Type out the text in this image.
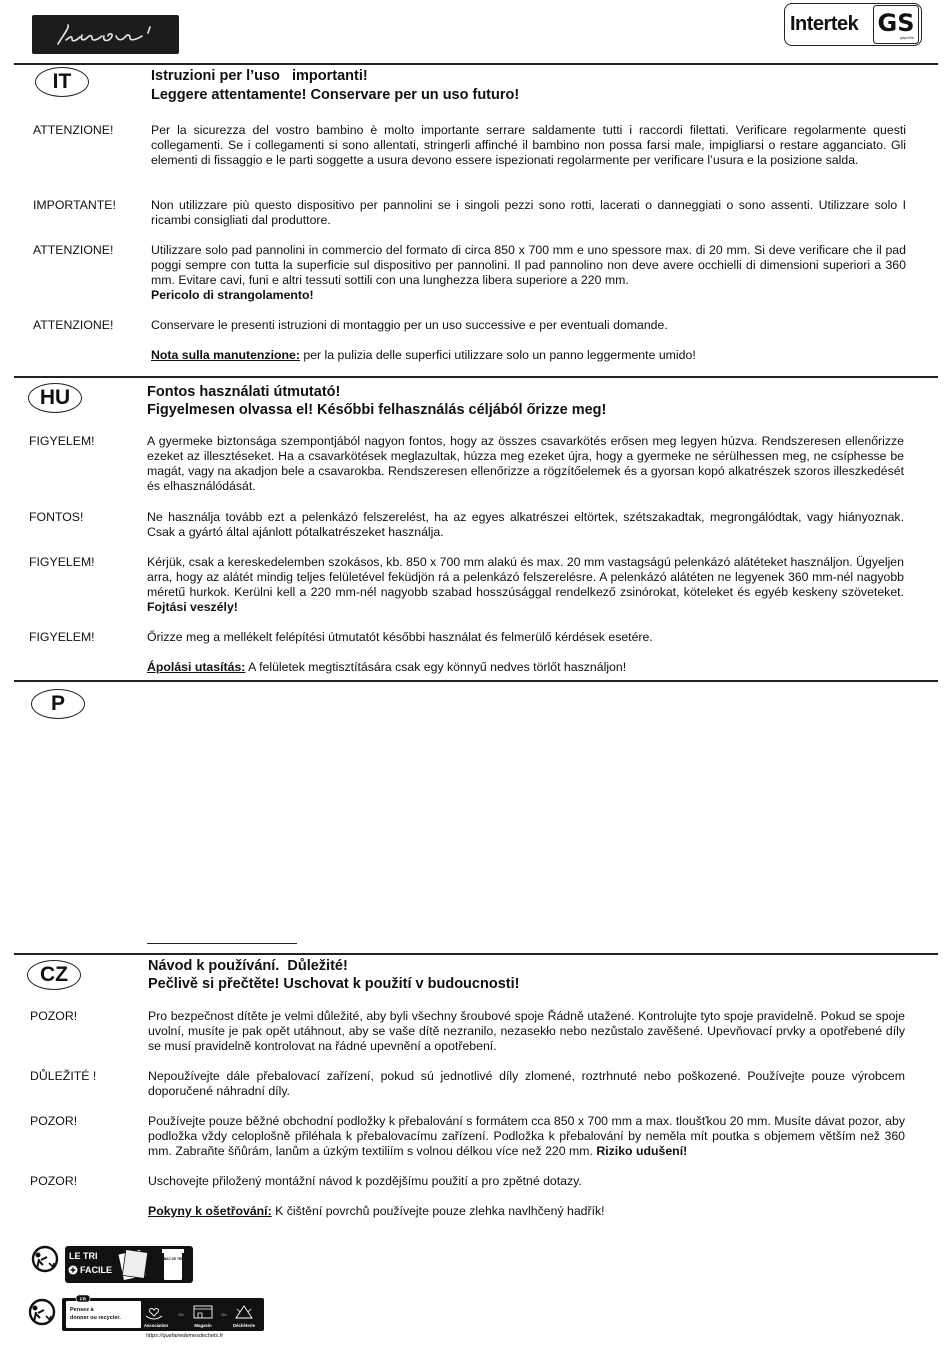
Intertek GS
geprüfte
IT	Istruzioni per l’uso   importanti!
Leggere attentamente! Conservare per un uso futuro!
ATTENZIONE!	Per la sicurezza del vostro bambino è molto importante serrare saldamente tutti i raccordi filettati. Verificare regolarmente questi collegamenti. Se i collegamenti si sono allentati, stringerli affinché il bambino non possa farsi male, impigliarsi o restare agganciato. Gli elementi di fissaggio e le parti soggette a usura devono essere ispezionati regolarmente per verificare l’usura e la posizione salda.
IMPORTANTE!	Non utilizzare più questo dispositivo per pannolini se i singoli pezzi sono rotti, lacerati o danneggiati o sono assenti. Utilizzare solo I ricambi consigliati dal produttore.
ATTENZIONE!	Utilizzare solo pad pannolini in commercio del formato di circa 850 x 700 mm e uno spessore max. di 20 mm. Si deve verificare che il pad poggi sempre con tutta la superficie sul dispositivo per pannolini. Il pad pannolino non deve avere occhielli di dimensioni superiori a 360 mm. Evitare cavi, funi e altri tessuti sottili con una lunghezza libera superiore a 220 mm.
Pericolo di strangolamento!
ATTENZIONE!	Conservare le presenti istruzioni di montaggio per un uso successive e per eventuali domande.
Nota sulla manutenzione: per la pulizia delle superfici utilizzare solo un panno leggermente umido!
HU	Fontos használati útmutató!
Figyelmesen olvassa el! Későbbi felhasználás céljából őrizze meg!
FIGYELEM!	A gyermeke biztonsága szempontjából nagyon fontos, hogy az összes csavarkötés erősen meg legyen húzva. Rendszeresen ellenőrizze ezeket az illesztéseket. Ha a csavarkötések meglazultak, húzza meg ezeket újra, hogy a gyermeke ne sérülhessen meg, ne csíphesse be magát, vagy na akadjon bele a csavarokba. Rendszeresen ellenőrizze a rögzítőelemek és a gyorsan kopó alkatrészek szoros illeszkedését és elhasználódását.
FONTOS!	Ne használja tovább ezt a pelenkázó felszerelést, ha az egyes alkatrészei eltörtek, szétszakadtak, megrongálódtak, vagy hiányoznak. Csak a gyártó által ajánlott pótalkatrészeket használja.
FIGYELEM!	Kérjük, csak a kereskedelemben szokásos, kb. 850 x 700 mm alakú és max. 20 mm vastagságú pelenkázó alátéteket használjon. Ügyeljen arra, hogy az alátét mindig teljes felületével feküdjön rá a pelenkázó felszerelésre. A pelenkázó alátéten ne legyenek 360 mm-nél nagyobb méretű hurkok. Kerülni kell a 220 mm-nél nagyobb szabad hosszúsággal rendelkező zsinórokat, köteleket és egyéb keskeny szöveteket. Fojtási veszély!
FIGYELEM!	Őrizze meg a mellékelt felépítési útmutatót későbbi használat és felmerülő kérdések esetére.
Ápolási utasítás: A felületek megtisztítására csak egy könnyű nedves törlőt használjon!
P
CZ	Návod k používání.  Důležité!
Pečlivě si přečtěte! Uschovat k použití v budoucnosti!
POZOR!	Pro bezpečnost dítěte je velmi důležité, aby byli všechny šroubové spoje Řádně utažené. Kontrolujte tyto spoje pravidelně. Pokud se spoje uvolní, musíte je pak opět utáhnout, aby se vaše dítě nezranilo, nezasekło nebo nezůstalo zavěšené. Upevňovací prvky a opotřebené díly se musí pravidelně kontrolovat na řádné upevnění a opotřebení.
DŮLEŽITÉ !	Nepoužívejte dále přebalovací zařízení, pokud sú jednotlivé díly zlomené, roztrhnuté nebo poškozené. Používejte pouze výrobcem doporučené náhradní díly.
POZOR!	Používejte pouze běžné obchodní podložky k přebalování s formátem cca 850 x 700 mm a max. tloušťkou 20 mm. Musíte dávat pozor, aby podložka vždy celoplošně přiléhala k přebalovacímu zařízení. Podložka k přebalování by neměla mít poutka s objemem větším než 360 mm. Zabraňte šňůrám, lanům a úzkým textiliím s volnou délkou více než 220 mm. Riziko udušení!
POZOR!	Uschovejte přiložený montážní návod k pozdějšímu použití a pro zpětné dotazy.
Pokyny k ošetřování: K čištění povrchů používejte pouze zlehka navlhčený hadřík!
LE TRI
FACILE
BAC DE TRI
FR
Pensez à
donner ou recycler.
Association
OU
Magasin
OU
Déchèterie
https://quefairedemesdechets.fr
